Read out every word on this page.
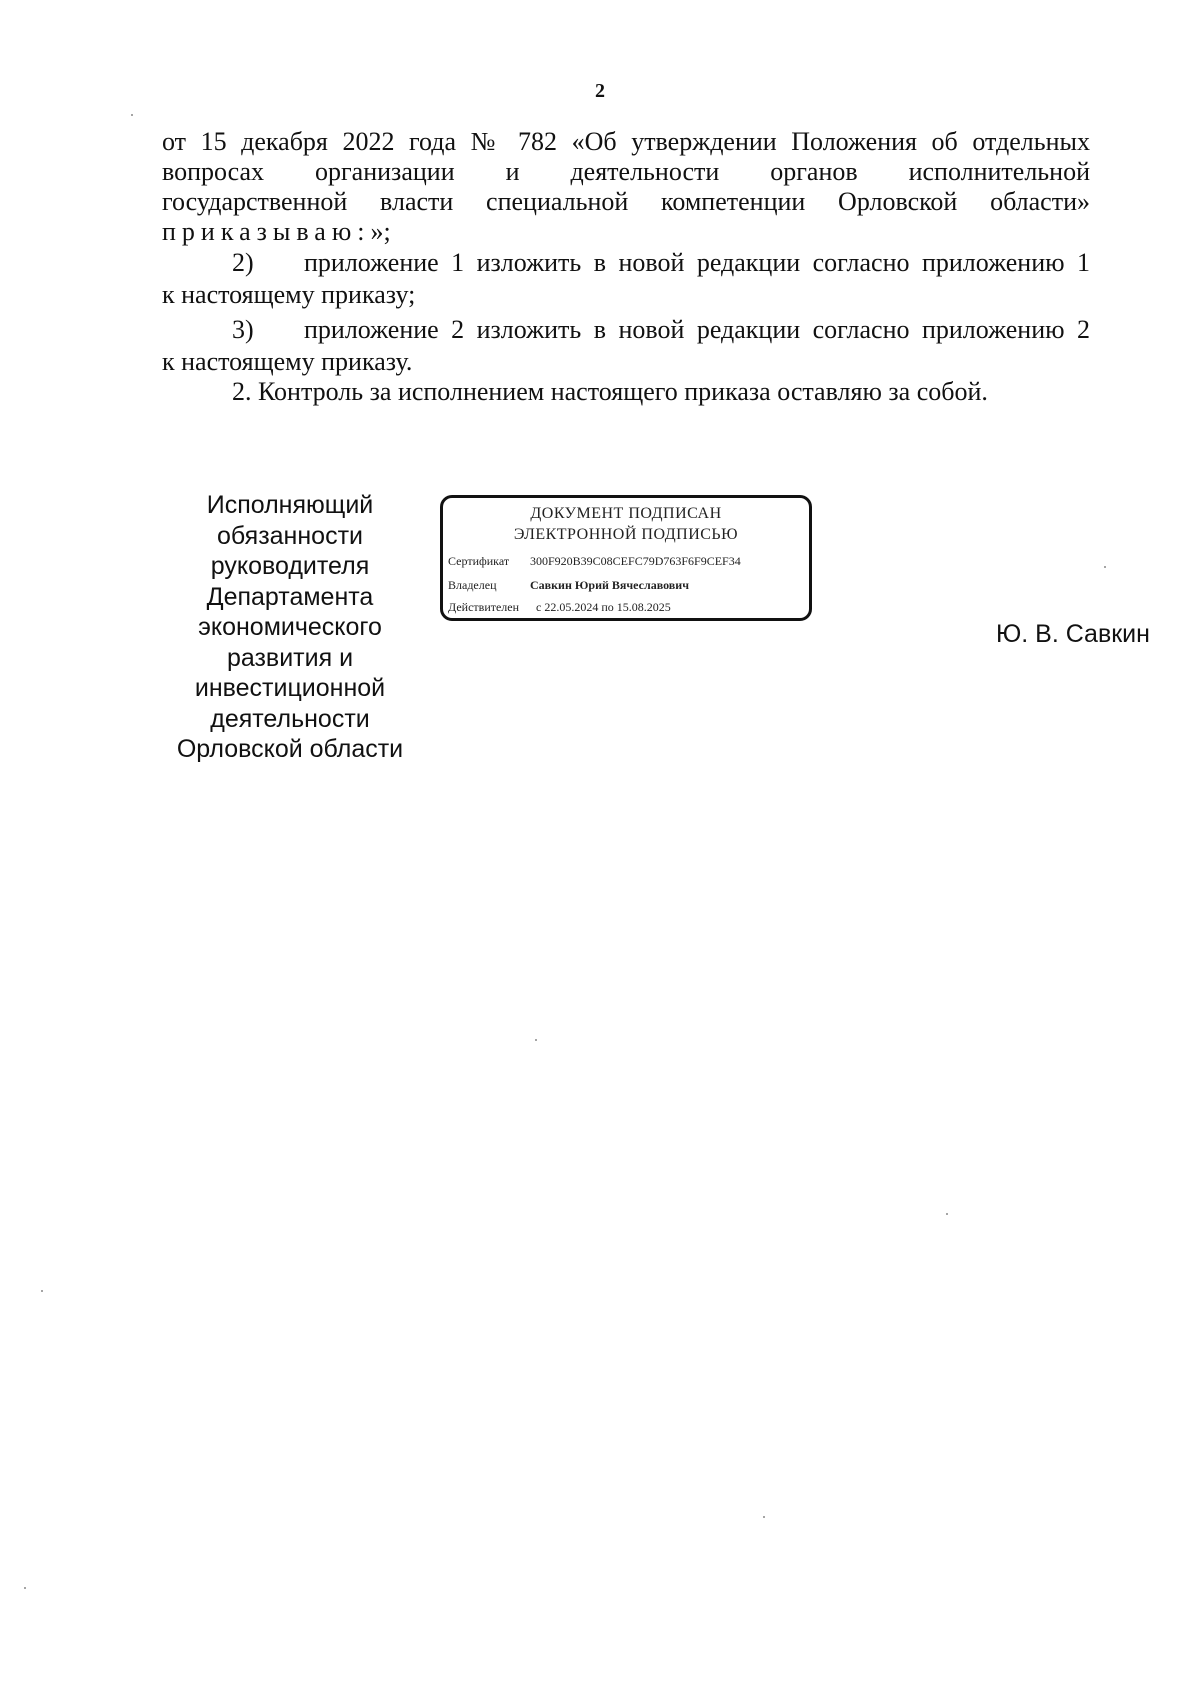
2
от 15 декабря 2022 года № 782 «Об утверждении Положения об отдельных
вопросах организации и деятельности органов исполнительной
государственной власти специальной компетенции Орловской области»
приказываю:»;
2) приложение 1 изложить в новой редакции согласно приложению 1
к настоящему приказу;
3) приложение 2 изложить в новой редакции согласно приложению 2
к настоящему приказу.
2. Контроль за исполнением настоящего приказа оставляю за собой.
Исполняющий
обязанности
руководителя
Департамента
экономического
развития и
инвестиционной
деятельности
Орловской области
ДОКУМЕНТ ПОДПИСАН
ЭЛЕКТРОННОЙ ПОДПИСЬЮ
Сертификат 300F920B39C08CEFC79D763F6F9CEF34
Владелец	Савкин Юрий Вячеславович
Действителен с 22.05.2024 по 15.08.2025
Ю. В. Савкин
